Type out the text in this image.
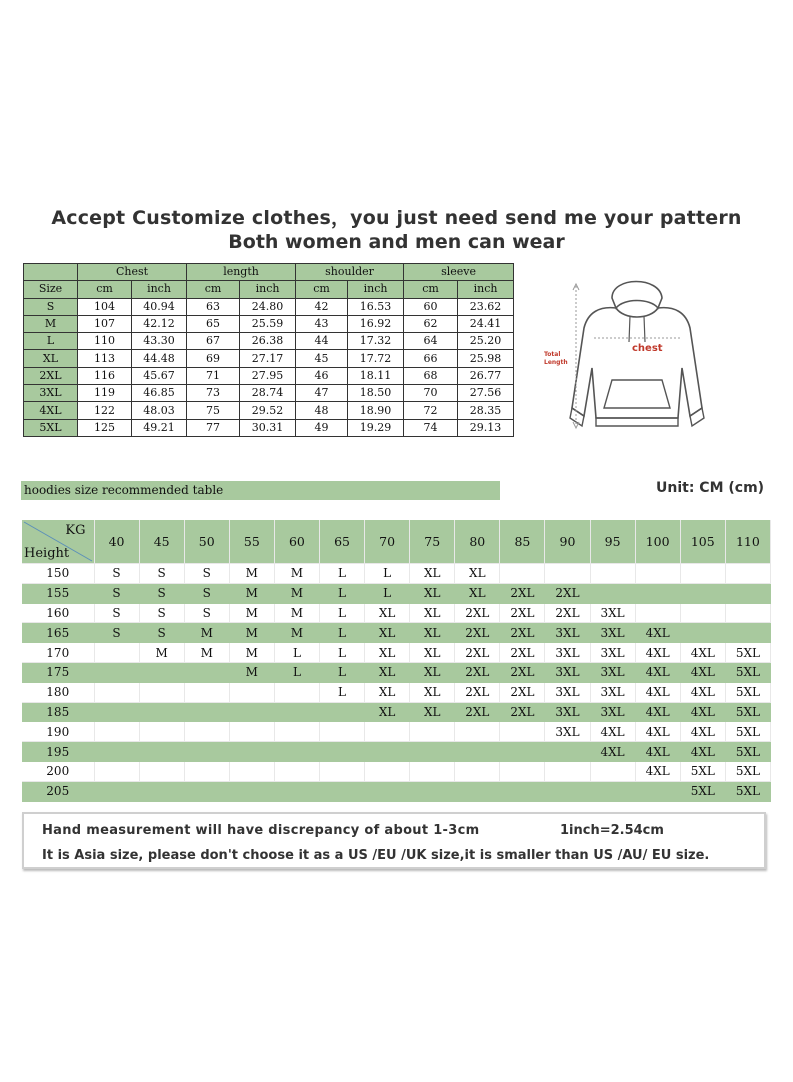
Accept Customize clothes，you just need send me your pattern
Both women and men can wear
	Chest		length		shoulder		sleeve	
Size	cm	inch	cm	inch	cm	inch	cm	inch
S	104	40.94	63	24.80	42	16.53	60	23.62
M	107	42.12	65	25.59	43	16.92	62	24.41
L	110	43.30	67	26.38	44	17.32	64	25.20
XL	113	44.48	69	27.17	45	17.72	66	25.98
2XL	116	45.67	71	27.95	46	18.11	68	26.77
3XL	119	46.85	73	28.74	47	18.50	70	27.56
4XL	122	48.03	75	29.52	48	18.90	72	28.35
5XL	125	49.21	77	30.31	49	19.29	74	29.13
chest
Total
Length
hoodies size recommended table	Unit: CM (cm)
KG
Height	40	45	50	55	60	65	70	75	80	85	90	95	100	105	110
150	S	S	S	M	M	L	L	XL	XL						
155	S	S	S	M	M	L	L	XL	XL	2XL	2XL				
160	S	S	S	M	M	L	XL	XL	2XL	2XL	2XL	3XL			
165	S	S	M	M	M	L	XL	XL	2XL	2XL	3XL	3XL	4XL		
170		M	M	M	L	L	XL	XL	2XL	2XL	3XL	3XL	4XL	4XL	5XL
175				M	L	L	XL	XL	2XL	2XL	3XL	3XL	4XL	4XL	5XL
180						L	XL	XL	2XL	2XL	3XL	3XL	4XL	4XL	5XL
185							XL	XL	2XL	2XL	3XL	3XL	4XL	4XL	5XL
190											3XL	4XL	4XL	4XL	5XL
195												4XL	4XL	4XL	5XL
200													4XL	5XL	5XL
205														5XL	5XL
Hand measurement will have discrepancy of about 1-3cm	1inch=2.54cm
It is Asia size, please don't choose it as a US /EU /UK size,it is smaller than US /AU/ EU size.
